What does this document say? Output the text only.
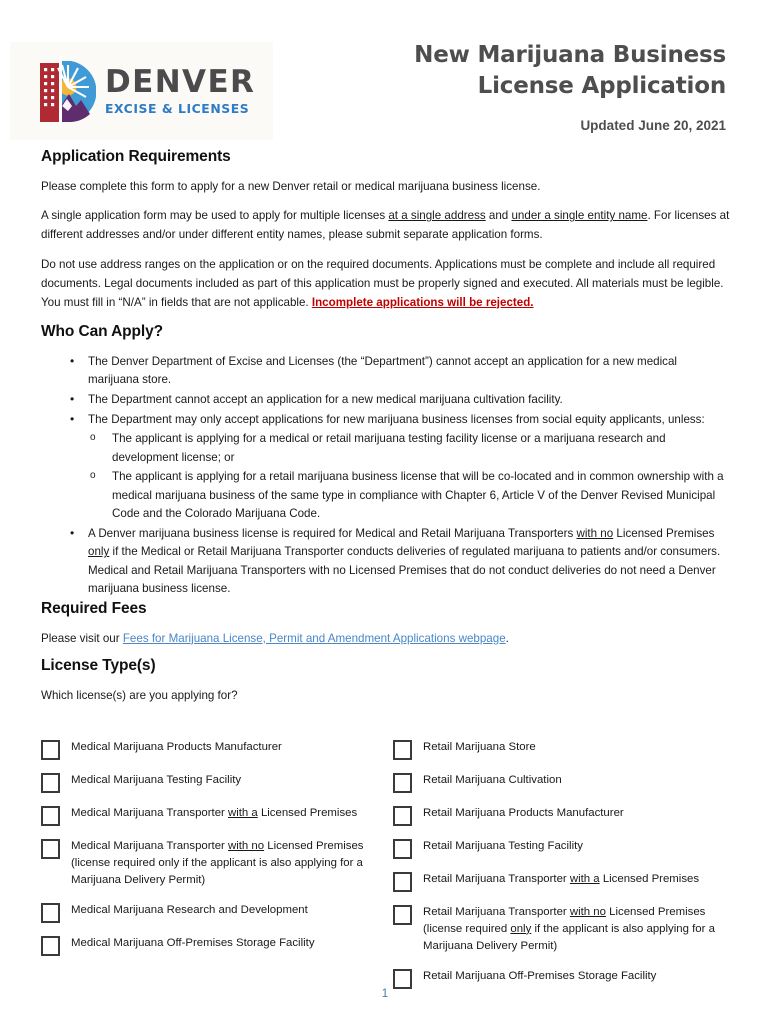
DENVER
EXCISE & LICENSES
New Marijuana Business
License Application
Updated June 20, 2021
Application Requirements

Please complete this form to apply for a new Denver retail or medical marijuana business license.

A single application form may be used to apply for multiple licenses at a single address and under a single entity name. For licenses at different addresses and/or under different entity names, please submit separate application forms.

Do not use address ranges on the application or on the required documents. Applications must be complete and include all required documents. Legal documents included as part of this application must be properly signed and executed. All materials must be legible. You must fill in “N/A” in fields that are not applicable. Incomplete applications will be rejected.

Who Can Apply?
• The Denver Department of Excise and Licenses (the “Department”) cannot accept an application for a new medical marijuana store.
• The Department cannot accept an application for a new medical marijuana cultivation facility.
• The Department may only accept applications for new marijuana business licenses from social equity applicants, unless:
o The applicant is applying for a medical or retail marijuana testing facility license or a marijuana research and development license; or
o The applicant is applying for a retail marijuana business license that will be co-located and in common ownership with a medical marijuana business of the same type in compliance with Chapter 6, Article V of the Denver Revised Municipal Code and the Colorado Marijuana Code.
• A Denver marijuana business license is required for Medical and Retail Marijuana Transporters with no Licensed Premises only if the Medical or Retail Marijuana Transporter conducts deliveries of regulated marijuana to patients and/or consumers. Medical and Retail Marijuana Transporters with no Licensed Premises that do not conduct deliveries do not need a Denver marijuana business license.
Required Fees

Please visit our Fees for Marijuana License, Permit and Amendment Applications webpage.

License Type(s)

Which license(s) are you applying for?

Medical Marijuana Products Manufacturer
Medical Marijuana Testing Facility
Medical Marijuana Transporter with a Licensed Premises
Medical Marijuana Transporter with no Licensed Premises (license required only if the applicant is also applying for a Marijuana Delivery Permit)
Medical Marijuana Research and Development
Medical Marijuana Off-Premises Storage Facility
Retail Marijuana Store
Retail Marijuana Cultivation
Retail Marijuana Products Manufacturer
Retail Marijuana Testing Facility
Retail Marijuana Transporter with a Licensed Premises
Retail Marijuana Transporter with no Licensed Premises (license required only if the applicant is also applying for a Marijuana Delivery Permit)
Retail Marijuana Off-Premises Storage Facility
1
